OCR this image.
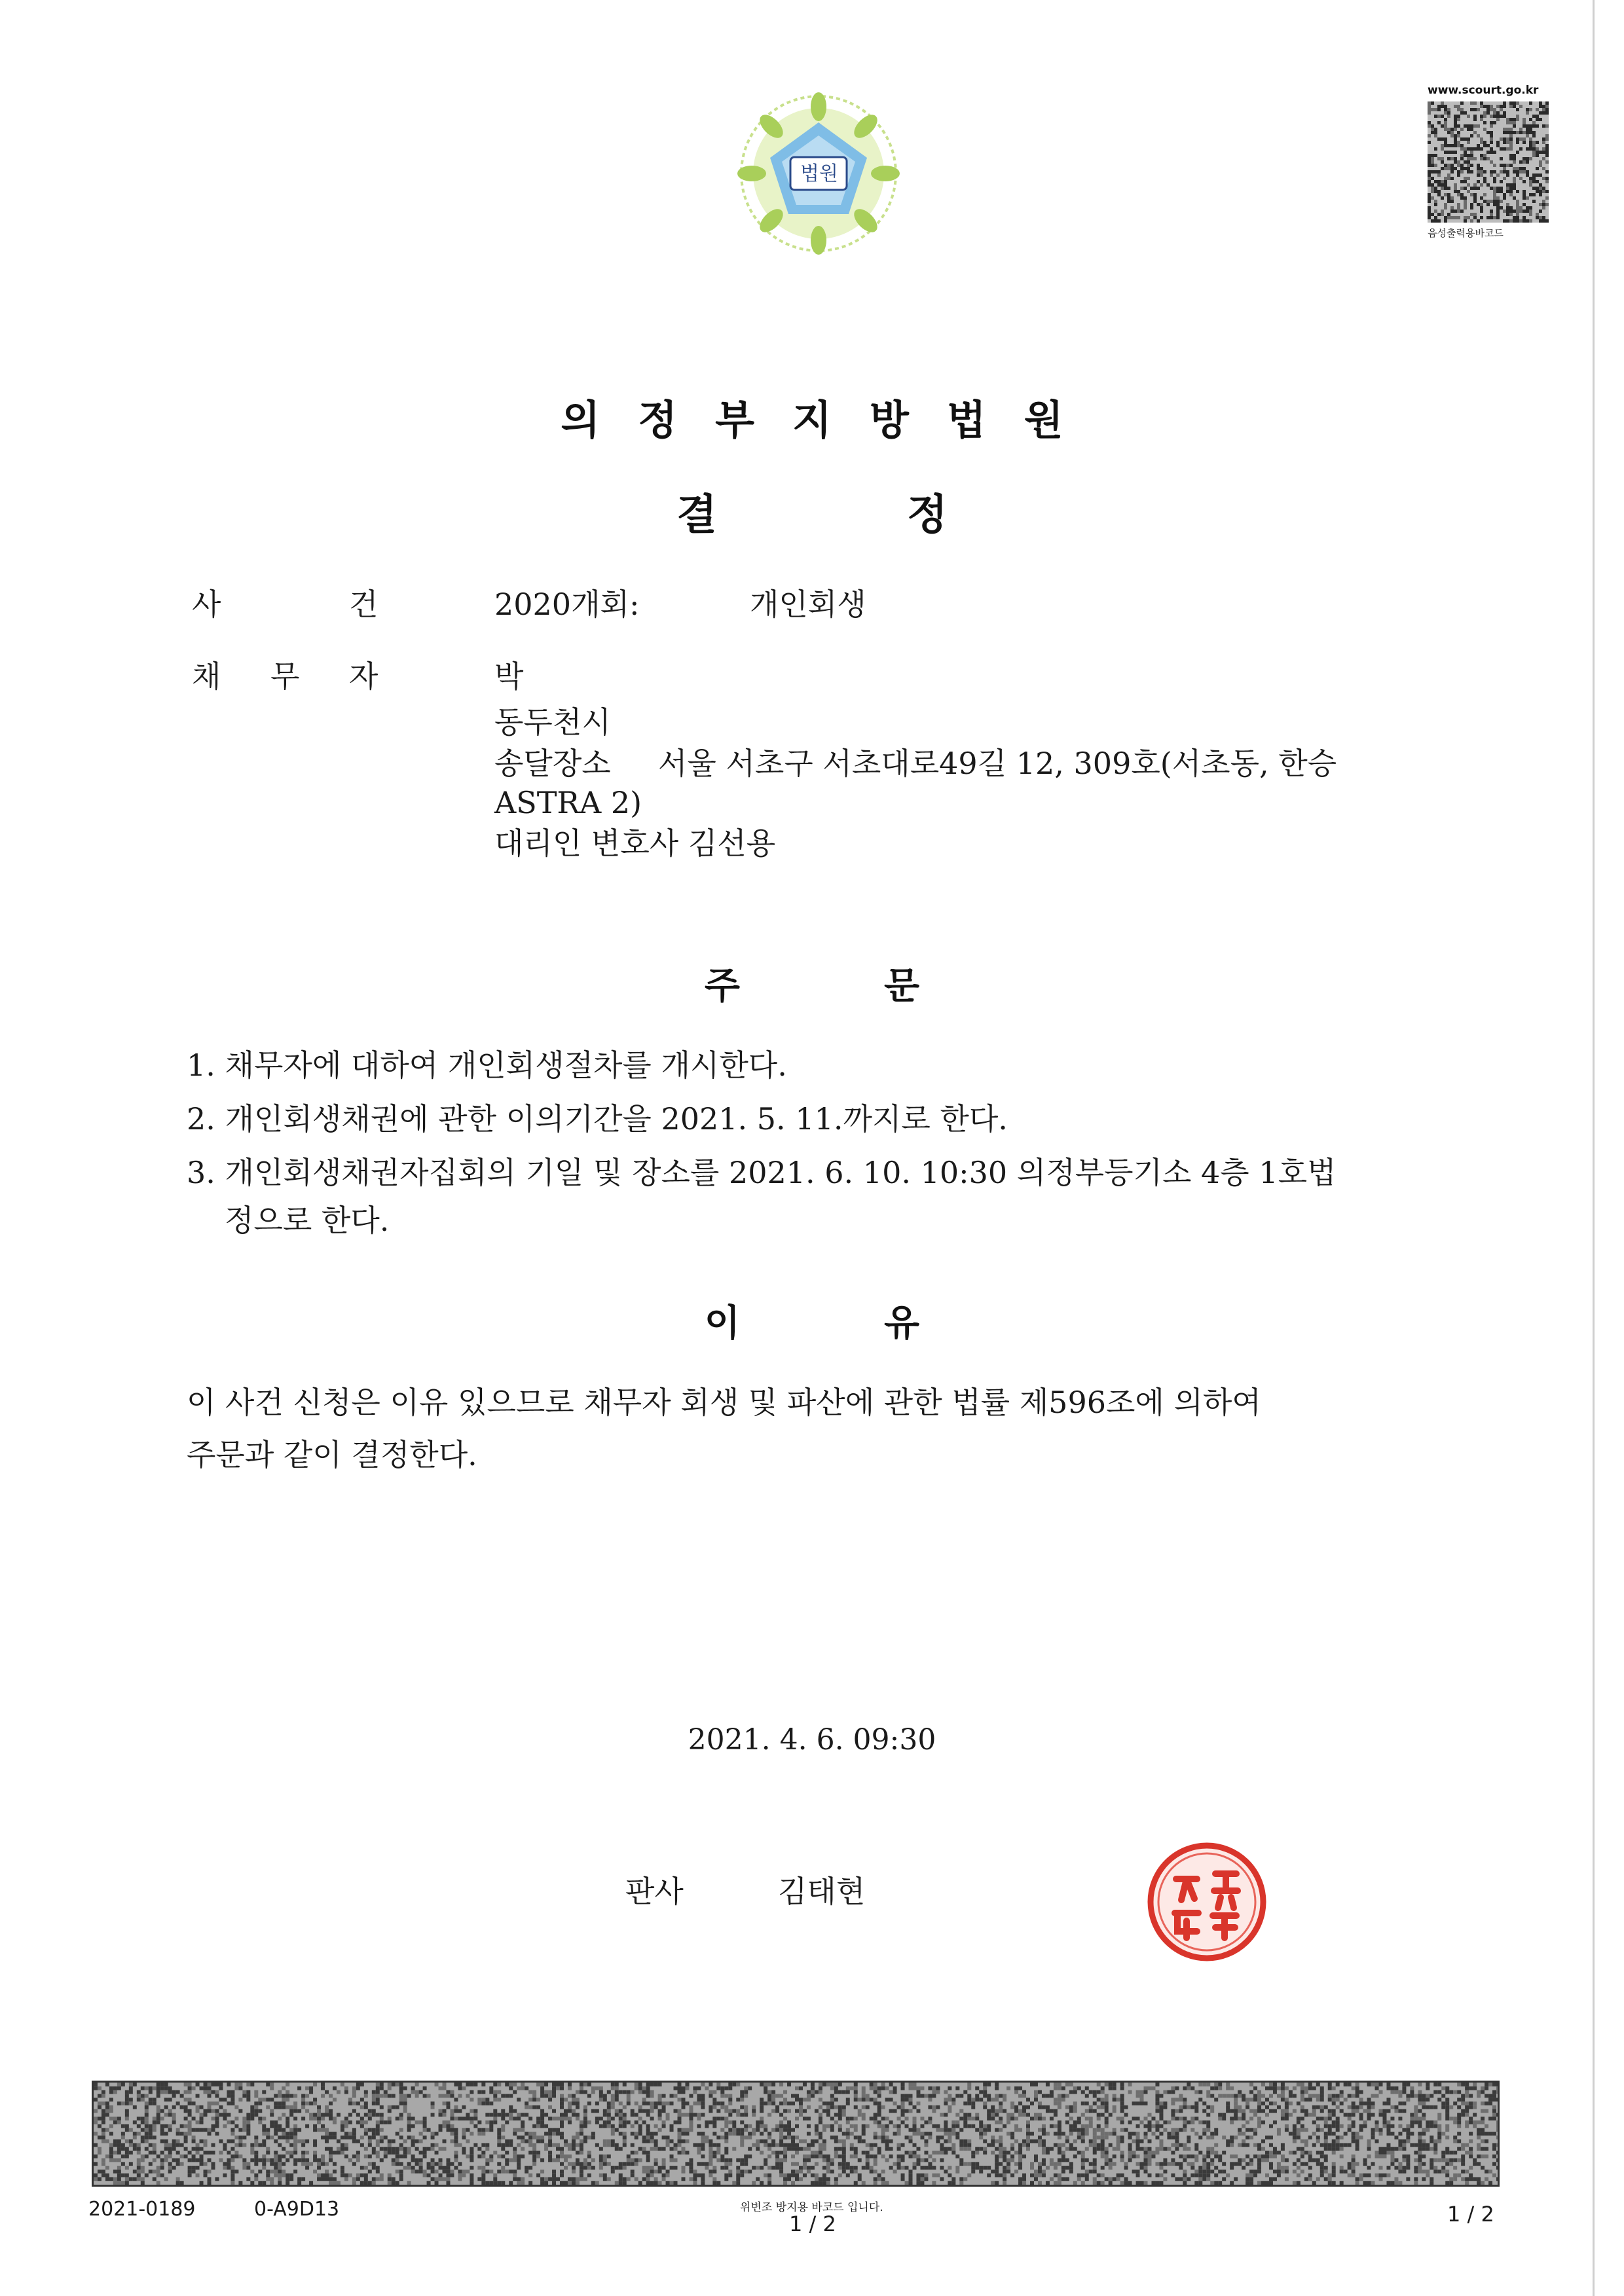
법원
www.scourt.go.kr
음성출력용바코드
의정부지방법원
결정
사	건	2020개회:	개인회생
채 무 자	박
동두천시
송달장소 서울 서초구 서초대로49길 12, 309호(서초동, 한승
ASTRA 2)
대리인 변호사 김선용
주문
1. 채무자에 대하여 개인회생절차를 개시한다.
2. 개인회생채권에 관한 이의기간을 2021. 5. 11.까지로 한다.
3. 개인회생채권자집회의 기일 및 장소를 2021. 6. 10. 10:30 의정부등기소 4층 1호법
정으로 한다.
이유
이 사건 신청은 이유 있으므로 채무자 회생 및 파산에 관한 법률 제596조에 의하여
주문과 같이 결정한다.
2021. 4. 6. 09:30
판사	김태현
2021-0189	0-A9D13	위변조 방지용 바코드 입니다.
1 / 2	1 / 2
